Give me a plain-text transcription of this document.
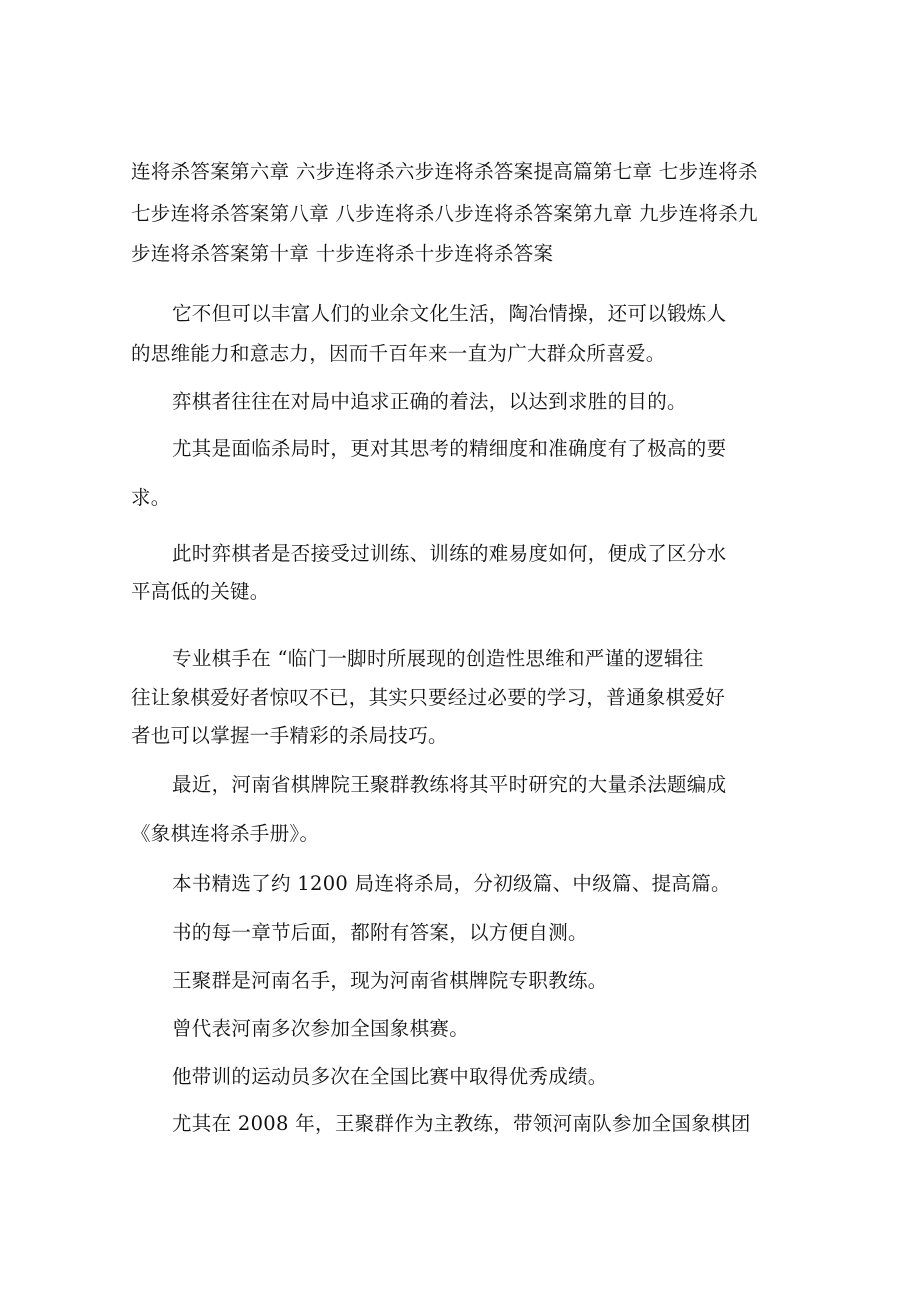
连将杀答案第六章 六步连将杀六步连将杀答案提高篇第七章 七步连将杀
七步连将杀答案第八章 八步连将杀八步连将杀答案第九章 九步连将杀九
步连将杀答案第十章 十步连将杀十步连将杀答案
它不但可以丰富人们的业余文化生活，陶冶情操，还可以锻炼人
的思维能力和意志力，因而千百年来一直为广大群众所喜爱。
弈棋者往往在对局中追求正确的着法，以达到求胜的目的。
尤其是面临杀局时，更对其思考的精细度和准确度有了极高的要
求。
此时弈棋者是否接受过训练、训练的难易度如何，便成了区分水
平高低的关键。
专业棋手在 “临门一脚时所展现的创造性思维和严谨的逻辑往
往让象棋爱好者惊叹不已，其实只要经过必要的学习，普通象棋爱好
者也可以掌握一手精彩的杀局技巧。
最近，河南省棋牌院王聚群教练将其平时研究的大量杀法题编成
《象棋连将杀手册》。
本书精选了约 1200 局连将杀局，分初级篇、中级篇、提高篇。
书的每一章节后面，都附有答案，以方便自测。
王聚群是河南名手，现为河南省棋牌院专职教练。
曾代表河南多次参加全国象棋赛。
他带训的运动员多次在全国比赛中取得优秀成绩。
尤其在 2008 年，王聚群作为主教练，带领河南队参加全国象棋团
